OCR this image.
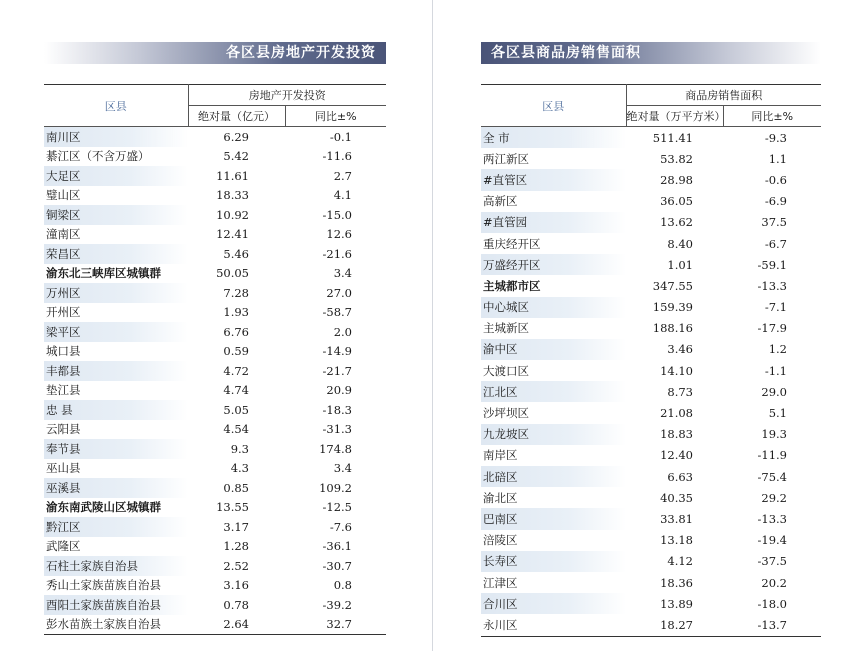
各区县房地产开发投资	各区县商品房销售面积
区县	房地产开发投资	
	绝对量（亿元）	同比±%
南川区	6.29	-0.1
綦江区（不含万盛）	5.42	-11.6
大足区	11.61	2.7
璧山区	18.33	4.1
铜梁区	10.92	-15.0
潼南区	12.41	12.6
荣昌区	5.46	-21.6
渝东北三峡库区城镇群	50.05	3.4
万州区	7.28	27.0
开州区	1.93	-58.7
梁平区	6.76	2.0
城口县	0.59	-14.9
丰都县	4.72	-21.7
垫江县	4.74	20.9
忠 县	5.05	-18.3
云阳县	4.54	-31.3
奉节县	9.3	174.8
巫山县	4.3	3.4
巫溪县	0.85	109.2
渝东南武陵山区城镇群	13.55	-12.5
黔江区	3.17	-7.6
武隆区	1.28	-36.1
石柱土家族自治县	2.52	-30.7
秀山土家族苗族自治县	3.16	0.8
酉阳土家族苗族自治县	0.78	-39.2
彭水苗族土家族自治县	2.64	32.7
区县	商品房销售面积	
	绝对量（万平方米）	同比±%
全 市	511.41	-9.3
两江新区	53.82	1.1
#直管区	28.98	-0.6
高新区	36.05	-6.9
#直管园	13.62	37.5
重庆经开区	8.40	-6.7
万盛经开区	1.01	-59.1
主城都市区	347.55	-13.3
中心城区	159.39	-7.1
主城新区	188.16	-17.9
渝中区	3.46	1.2
大渡口区	14.10	-1.1
江北区	8.73	29.0
沙坪坝区	21.08	5.1
九龙坡区	18.83	19.3
南岸区	12.40	-11.9
北碚区	6.63	-75.4
渝北区	40.35	29.2
巴南区	33.81	-13.3
涪陵区	13.18	-19.4
长寿区	4.12	-37.5
江津区	18.36	20.2
合川区	13.89	-18.0
永川区	18.27	-13.7
